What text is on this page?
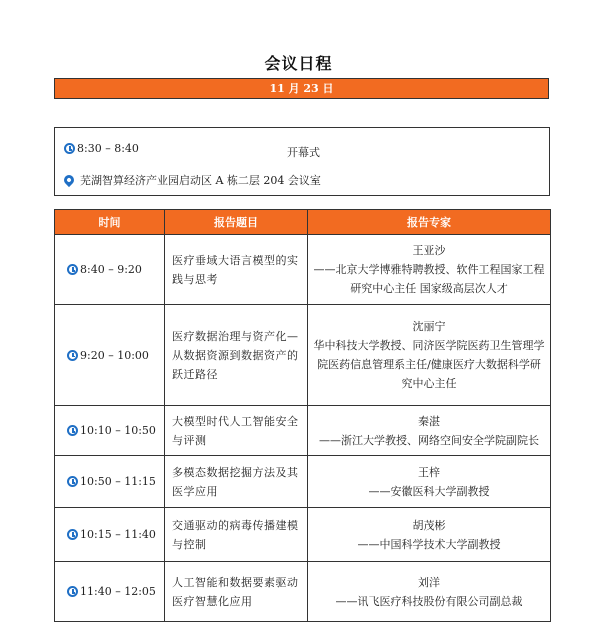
会议日程
11 月 23 日
8:30 – 8:40	开幕式
芜湖智算经济产业园启动区 A 栋二层 204 会议室
时间	报告题目	报告专家

8:40 – 9:20	医疗垂域大语言模型的实践与思考	王亚沙
——北京大学博雅特聘教授、软件工程国家工程研究中心主任 国家级高层次人才

9:20 – 10:00	医疗数据治理与资产化—从数据资源到数据资产的跃迁路径	沈丽宁
华中科技大学教授、同济医学院医药卫生管理学院医药信息管理系主任/健康医疗大数据科学研究中心主任

10:10 – 10:50	大模型时代人工智能安全与评测	秦湛
——浙江大学教授、网络空间安全学院副院长

10:50 – 11:15	多模态数据挖掘方法及其医学应用	王梓
——安徽医科大学副教授

10:15 – 11:40	交通驱动的病毒传播建模与控制	胡茂彬
——中国科学技术大学副教授

11:40 – 12:05	人工智能和数据要素驱动医疗智慧化应用	刘洋
——讯飞医疗科技股份有限公司副总裁
